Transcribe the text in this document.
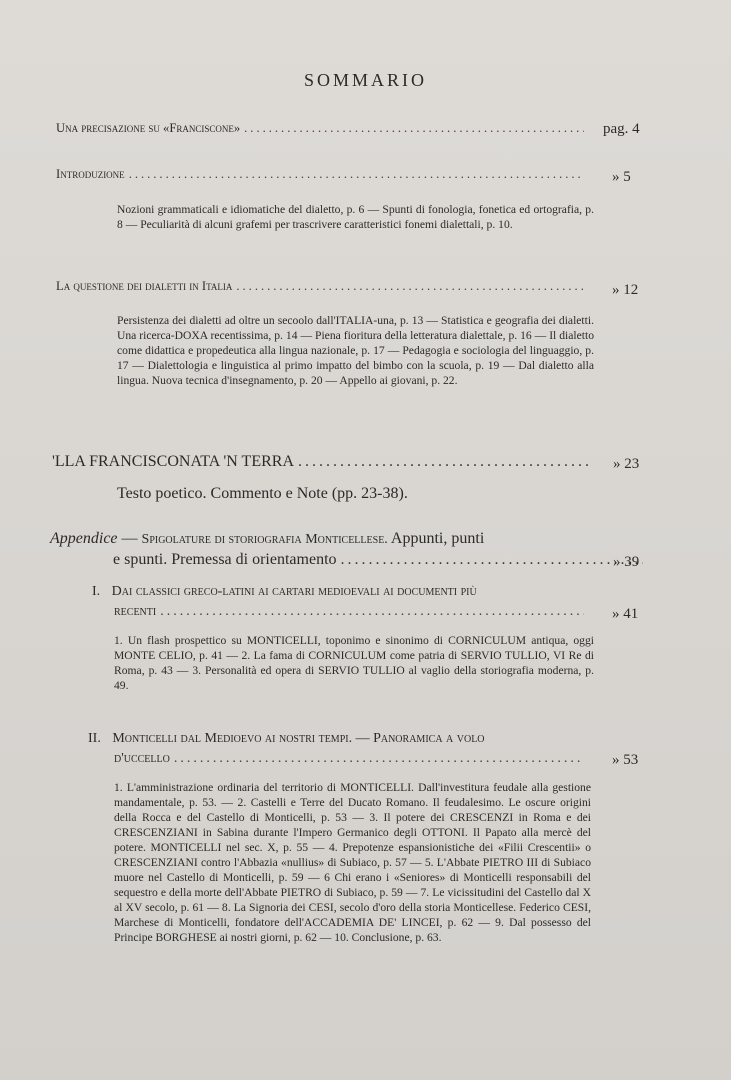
SOMMARIO
Una precisazione su «Franciscone» .....	pag. 4
Introduzione .....	» 5
Nozioni grammaticali e idiomatiche del dialetto, p. 6 — Spunti di fonologia, fonetica ed ortografia, p. 8 — Peculiarità di alcuni grafemi per trascrivere caratteristici fonemi dialettali, p. 10.
La questione dei dialetti in Italia .....	» 12
Persistenza dei dialetti ad oltre un secoolo dall'ITALIA-una, p. 13 — Statistica e geografia dei dialetti. Una ricerca-DOXA recentissima, p. 14 — Piena fioritura della letteratura dialettale, p. 16 — Il dialetto come didattica e propedeutica alla lingua nazionale, p. 17 — Pedagogia e sociologia del linguaggio, p. 17 — Dialettologia e linguistica al primo impatto del bimbo con la scuola, p. 19 — Dal dialetto alla lingua. Nuova tecnica d'insegnamento, p. 20 — Appello ai giovani, p. 22.
'LLA FRANCISCONATA 'N TERRA .....	» 23
Testo poetico. Commento e Note (pp. 23-38).
Appendice — Spigolature di storiografia Monticellese. Appunti, punti
e spunti. Premessa di orientamento .....	» 39
I. Dai classici greco-latini ai cartari medioevali ai documenti più
recenti .....	» 41
1. Un flash prospettico su MONTICELLI, toponimo e sinonimo di CORNICULUM antiqua, oggi MONTE CELIO, p. 41 — 2. La fama di CORNICULUM come patria di SERVIO TULLIO, VI Re di Roma, p. 43 — 3. Personalità ed opera di SERVIO TULLIO al vaglio della storiografia moderna, p. 49.
II. Monticelli dal Medioevo ai nostri tempi. — Panoramica a volo
d'uccello .....	» 53
1. L'amministrazione ordinaria del territorio di MONTICELLI. Dall'investitura feudale alla gestione mandamentale, p. 53. — 2. Castelli e Terre del Ducato Romano. Il feudalesimo. Le oscure origini della Rocca e del Castello di Monticelli, p. 53 — 3. Il potere dei CRESCENZI in Roma e dei CRESCENZIANI in Sabina durante l'Impero Germanico degli OTTONI. Il Papato alla mercè del potere. MONTICELLI nel sec. X, p. 55 — 4. Prepotenze espansionistiche dei «Filii Crescentii» o CRESCENZIANI contro l'Abbazia «nullius» di Subiaco, p. 57 — 5. L'Abbate PIETRO III di Subiaco muore nel Castello di Monticelli, p. 59 — 6 Chi erano i «Seniores» di Monticelli responsabili del sequestro e della morte dell'Abbate PIETRO di Subiaco, p. 59 — 7. Le vicissitudini del Castello dal X al XV secolo, p. 61 — 8. La Signoria dei CESI, secolo d'oro della storia Monticellese. Federico CESI, Marchese di Monticelli, fondatore dell'ACCADEMIA DE' LINCEI, p. 62 — 9. Dal possesso del Principe BORGHESE ai nostri giorni, p. 62 — 10. Conclusione, p. 63.
